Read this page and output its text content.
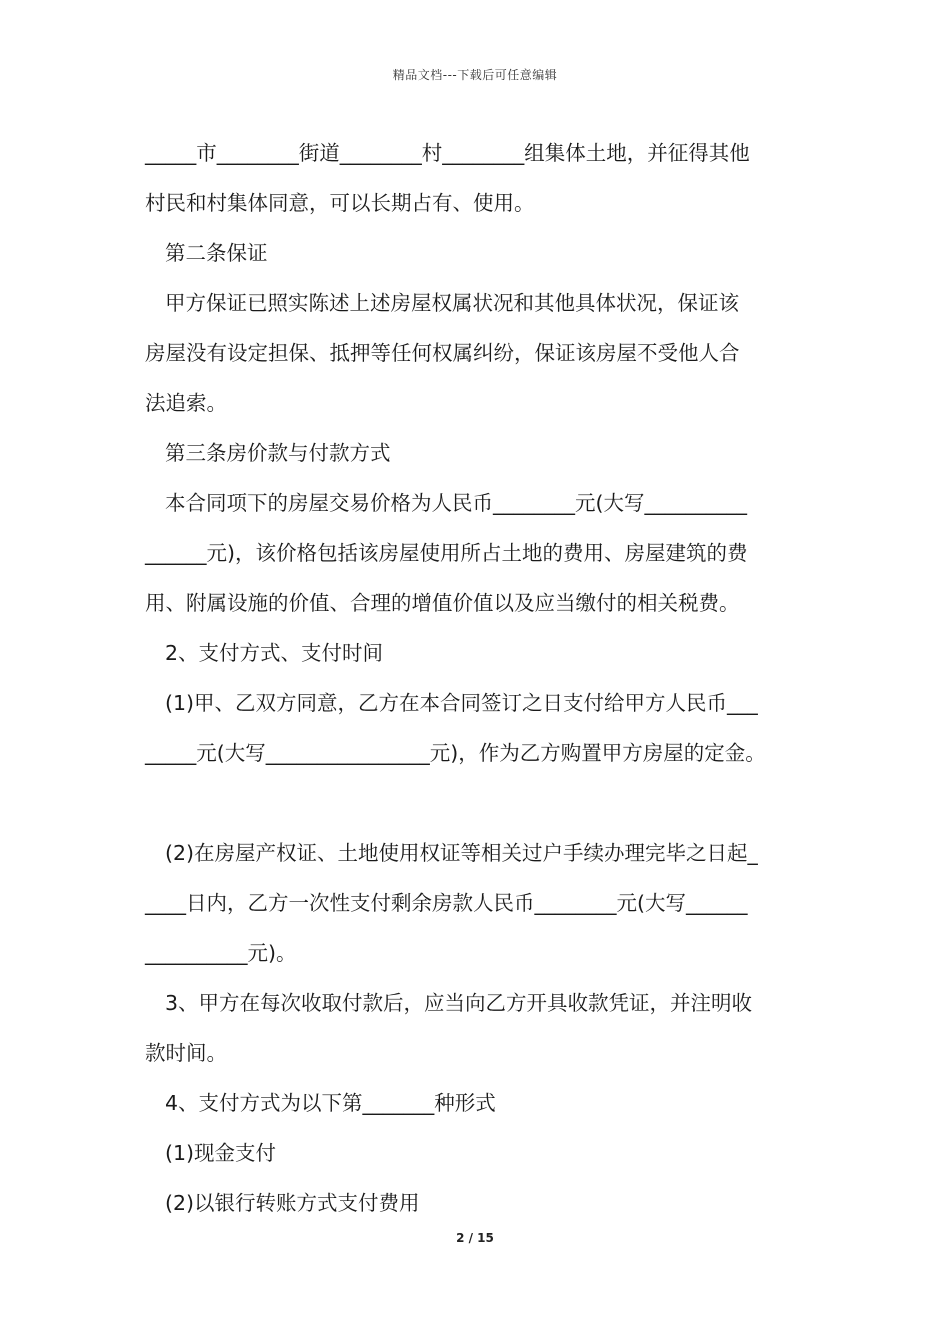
精品文档---下载后可任意编辑
_____市________街道________村________组集体土地，并征得其他
村民和村集体同意，可以长期占有、使用。
第二条保证
甲方保证已照实陈述上述房屋权属状况和其他具体状况，保证该
房屋没有设定担保、抵押等任何权属纠纷，保证该房屋不受他人合
法追索。
第三条房价款与付款方式
本合同项下的房屋交易价格为人民币________元(大写__________
______元)，该价格包括该房屋使用所占土地的费用、房屋建筑的费
用、附属设施的价值、合理的增值价值以及应当缴付的相关税费。
2、支付方式、支付时间
(1)甲、乙双方同意，乙方在本合同签订之日支付给甲方人民币___
_____元(大写________________元)，作为乙方购置甲方房屋的定金。
(2)在房屋产权证、土地使用权证等相关过户手续办理完毕之日起_
____日内，乙方一次性支付剩余房款人民币________元(大写______
__________元)。
3、甲方在每次收取付款后，应当向乙方开具收款凭证，并注明收
款时间。
4、支付方式为以下第_______种形式
(1)现金支付
(2)以银行转账方式支付费用
2 / 15
